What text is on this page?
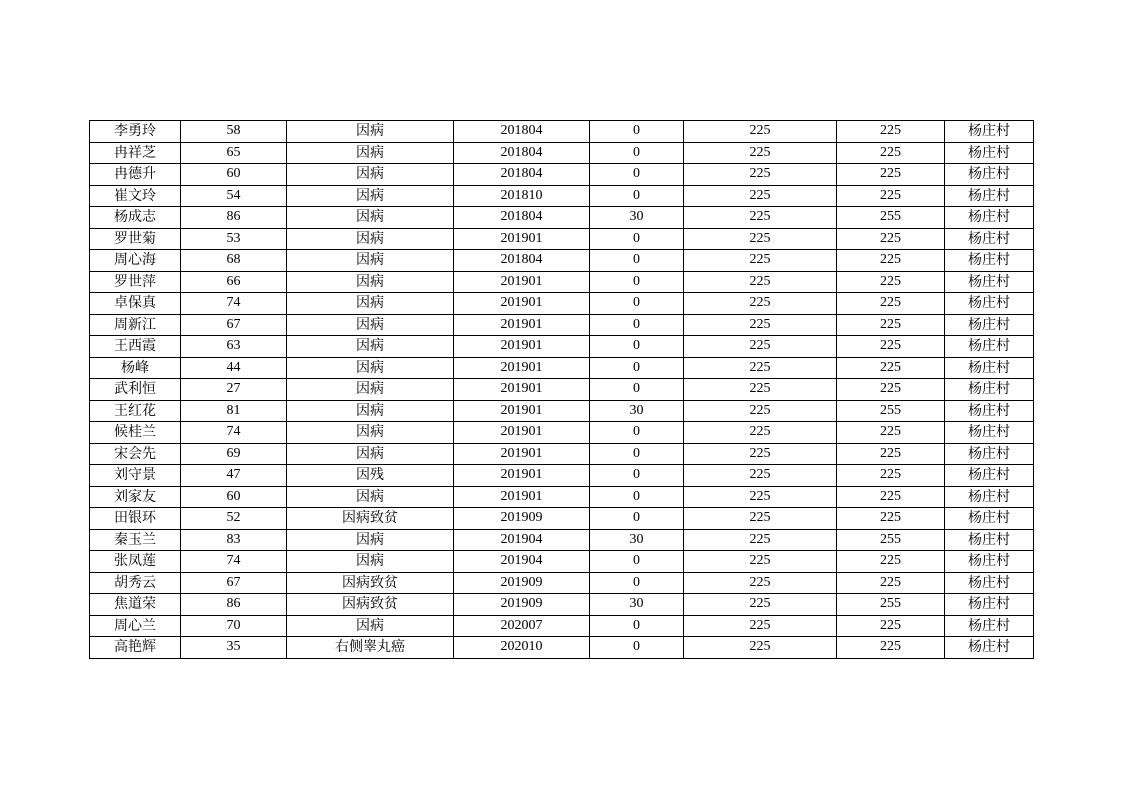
李勇玲	58	因病	201804	0	225	225	杨庄村
冉祥芝	65	因病	201804	0	225	225	杨庄村
冉德升	60	因病	201804	0	225	225	杨庄村
崔文玲	54	因病	201810	0	225	225	杨庄村
杨成志	86	因病	201804	30	225	255	杨庄村
罗世菊	53	因病	201901	0	225	225	杨庄村
周心海	68	因病	201804	0	225	225	杨庄村
罗世萍	66	因病	201901	0	225	225	杨庄村
卓保真	74	因病	201901	0	225	225	杨庄村
周新江	67	因病	201901	0	225	225	杨庄村
王西霞	63	因病	201901	0	225	225	杨庄村
杨峰	44	因病	201901	0	225	225	杨庄村
武利恒	27	因病	201901	0	225	225	杨庄村
王红花	81	因病	201901	30	225	255	杨庄村
候桂兰	74	因病	201901	0	225	225	杨庄村
宋会先	69	因病	201901	0	225	225	杨庄村
刘守景	47	因残	201901	0	225	225	杨庄村
刘家友	60	因病	201901	0	225	225	杨庄村
田银环	52	因病致贫	201909	0	225	225	杨庄村
秦玉兰	83	因病	201904	30	225	255	杨庄村
张凤莲	74	因病	201904	0	225	225	杨庄村
胡秀云	67	因病致贫	201909	0	225	225	杨庄村
焦道荣	86	因病致贫	201909	30	225	255	杨庄村
周心兰	70	因病	202007	0	225	225	杨庄村
高艳辉	35	右侧睾丸癌	202010	0	225	225	杨庄村
